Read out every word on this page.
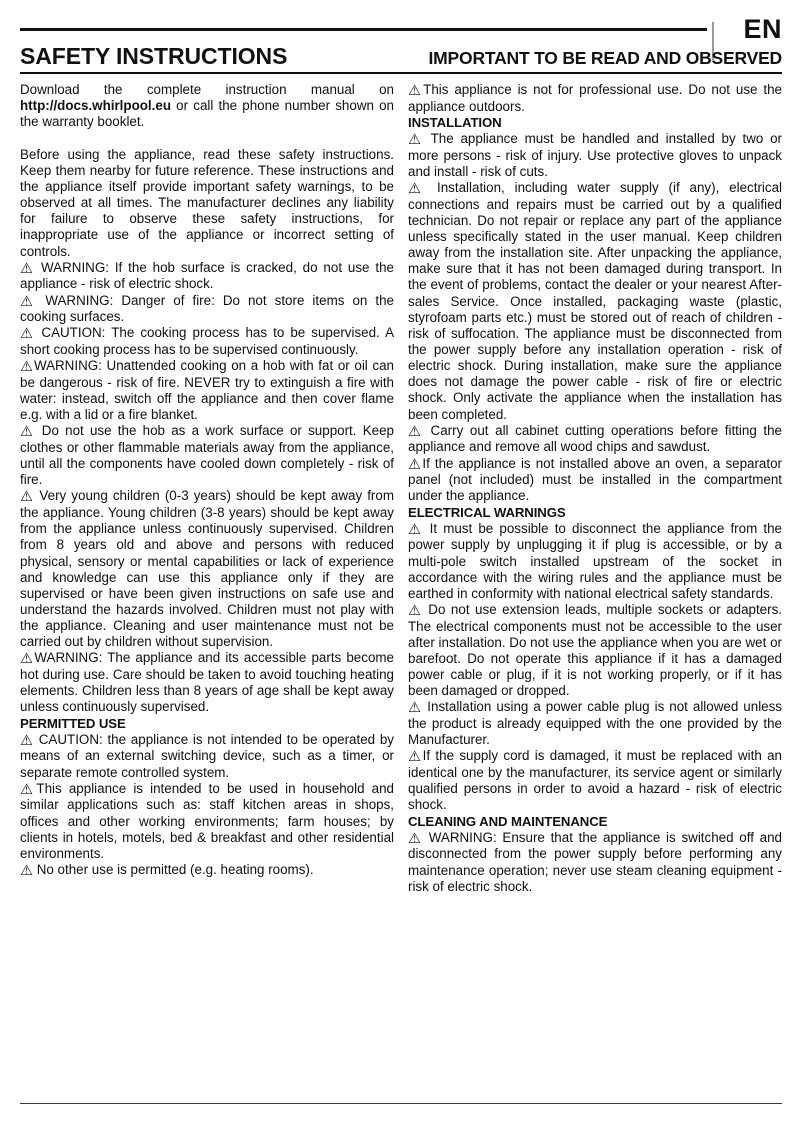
EN
SAFETY INSTRUCTIONS	IMPORTANT TO BE READ AND OBSERVED

Download the complete instruction manual on http://docs.whirlpool.eu or call the phone number shown on the warranty booklet.

Before using the appliance, read these safety instructions. Keep them nearby for future reference. These instructions and the appliance itself provide important safety warnings, to be observed at all times. The manufacturer declines any liability for failure to observe these safety instructions, for inappropriate use of the appliance or incorrect setting of controls.

⚠ WARNING: If the hob surface is cracked, do not use the appliance - risk of electric shock.

⚠ WARNING: Danger of fire: Do not store items on the cooking surfaces.

⚠ CAUTION: The cooking process has to be supervised. A short cooking process has to be supervised continuously.

⚠WARNING: Unattended cooking on a hob with fat or oil can be dangerous - risk of fire. NEVER try to extinguish a fire with water: instead, switch off the appliance and then cover flame e.g. with a lid or a fire blanket.

⚠ Do not use the hob as a work surface or support. Keep clothes or other flammable materials away from the appliance, until all the components have cooled down completely - risk of fire.

⚠ Very young children (0-3 years) should be kept away from the appliance. Young children (3-8 years) should be kept away from the appliance unless continuously supervised. Children from 8 years old and above and persons with reduced physical, sensory or mental capabilities or lack of experience and knowledge can use this appliance only if they are supervised or have been given instructions on safe use and understand the hazards involved. Children must not play with the appliance. Cleaning and user maintenance must not be carried out by children without supervision.

⚠WARNING: The appliance and its accessible parts become hot during use. Care should be taken to avoid touching heating elements. Children less than 8 years of age shall be kept away unless continuously supervised.

PERMITTED USE

⚠ CAUTION: the appliance is not intended to be operated by means of an external switching device, such as a timer, or separate remote controlled system.

⚠This appliance is intended to be used in household and similar applications such as: staff kitchen areas in shops, offices and other working environments; farm houses; by clients in hotels, motels, bed & breakfast and other residential environments.

⚠ No other use is permitted (e.g. heating rooms).

⚠This appliance is not for professional use. Do not use the appliance outdoors.

INSTALLATION

⚠ The appliance must be handled and installed by two or more persons - risk of injury. Use protective gloves to unpack and install - risk of cuts.

⚠ Installation, including water supply (if any), electrical connections and repairs must be carried out by a qualified technician. Do not repair or replace any part of the appliance unless specifically stated in the user manual. Keep children away from the installation site. After unpacking the appliance, make sure that it has not been damaged during transport. In the event of problems, contact the dealer or your nearest After-sales Service. Once installed, packaging waste (plastic, styrofoam parts etc.) must be stored out of reach of children - risk of suffocation. The appliance must be disconnected from the power supply before any installation operation - risk of electric shock. During installation, make sure the appliance does not damage the power cable - risk of fire or electric shock. Only activate the appliance when the installation has been completed.

⚠ Carry out all cabinet cutting operations before fitting the appliance and remove all wood chips and sawdust.

⚠If the appliance is not installed above an oven, a separator panel (not included) must be installed in the compartment under the appliance.

ELECTRICAL WARNINGS

⚠ It must be possible to disconnect the appliance from the power supply by unplugging it if plug is accessible, or by a multi-pole switch installed upstream of the socket in accordance with the wiring rules and the appliance must be earthed in conformity with national electrical safety standards.

⚠ Do not use extension leads, multiple sockets or adapters. The electrical components must not be accessible to the user after installation. Do not use the appliance when you are wet or barefoot. Do not operate this appliance if it has a damaged power cable or plug, if it is not working properly, or if it has been damaged or dropped.

⚠ Installation using a power cable plug is not allowed unless the product is already equipped with the one provided by the Manufacturer.

⚠If the supply cord is damaged, it must be replaced with an identical one by the manufacturer, its service agent or similarly qualified persons in order to avoid a hazard - risk of electric shock.

CLEANING AND MAINTENANCE

⚠ WARNING: Ensure that the appliance is switched off and disconnected from the power supply before performing any maintenance operation; never use steam cleaning equipment - risk of electric shock.
